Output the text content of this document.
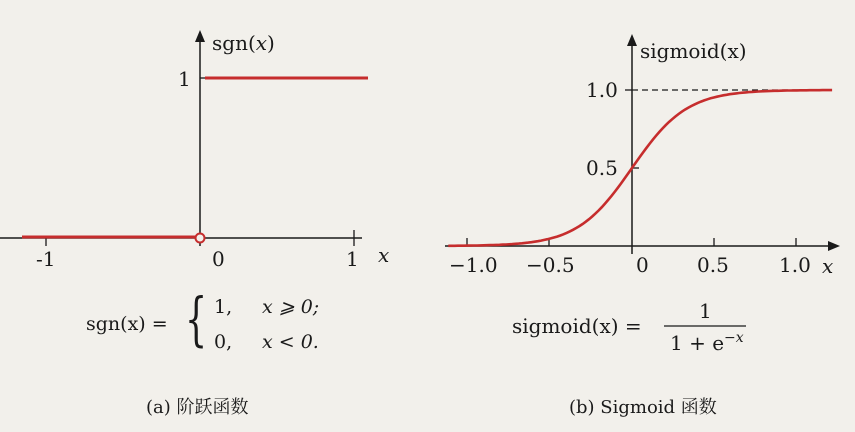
sgn(x)
1
-1	0	1 x
sigmoid(x)
1.0
0.5
−1.0 −0.5	0 0.5	1.0 x
sigmoid(x) =
1
$1 + e^{-x}$
(a) 阶跃函数	(b) Sigmoid 函数
sgn(x) = { 1, x ⩾ 0;
0, x < 0.
